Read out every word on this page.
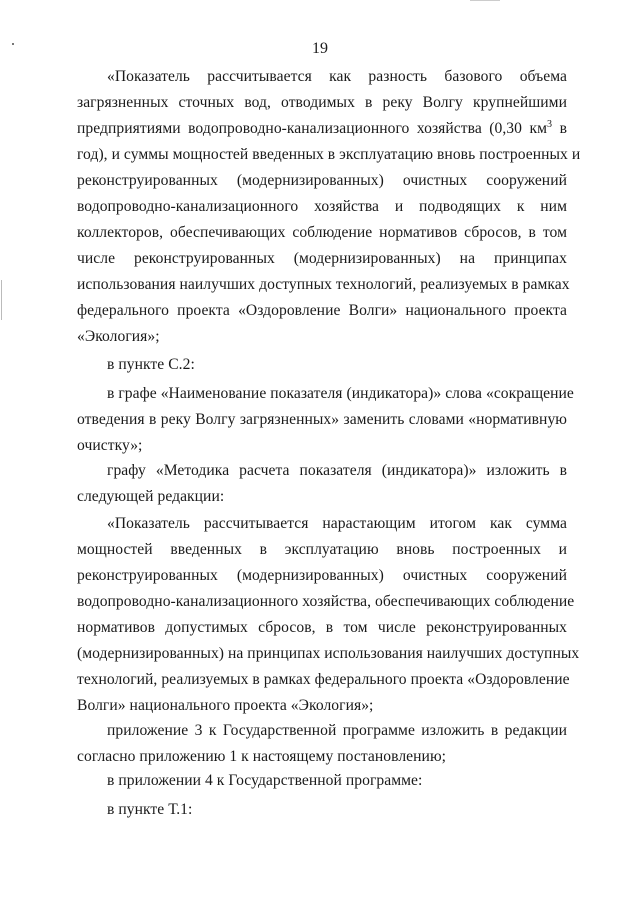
19
«Показатель рассчитывается как разность базового объема
загрязненных сточных вод, отводимых в реку Волгу крупнейшими
предприятиями водопроводно-канализационного хозяйства (0,30 $км^3$ в
год), и суммы мощностей введенных в эксплуатацию вновь построенных и
реконструированных (модернизированных) очистных сооружений
водопроводно-канализационного хозяйства и подводящих к ним
коллекторов, обеспечивающих соблюдение нормативов сбросов, в том
числе реконструированных (модернизированных) на принципах
использования наилучших доступных технологий, реализуемых в рамках
федерального проекта «Оздоровление Волги» национального проекта
«Экология»;
в пункте С.2:
в графе «Наименование показателя (индикатора)» слова «сокращение
отведения в реку Волгу загрязненных» заменить словами «нормативную
очистку»;
графу «Методика расчета показателя (индикатора)» изложить в
следующей редакции:
«Показатель рассчитывается нарастающим итогом как сумма
мощностей введенных в эксплуатацию вновь построенных и
реконструированных (модернизированных) очистных сооружений
водопроводно-канализационного хозяйства, обеспечивающих соблюдение
нормативов допустимых сбросов, в том числе реконструированных
(модернизированных) на принципах использования наилучших доступных
технологий, реализуемых в рамках федерального проекта «Оздоровление
Волги» национального проекта «Экология»;
приложение 3 к Государственной программе изложить в редакции
согласно приложению 1 к настоящему постановлению;
в приложении 4 к Государственной программе:
в пункте Т.1:
